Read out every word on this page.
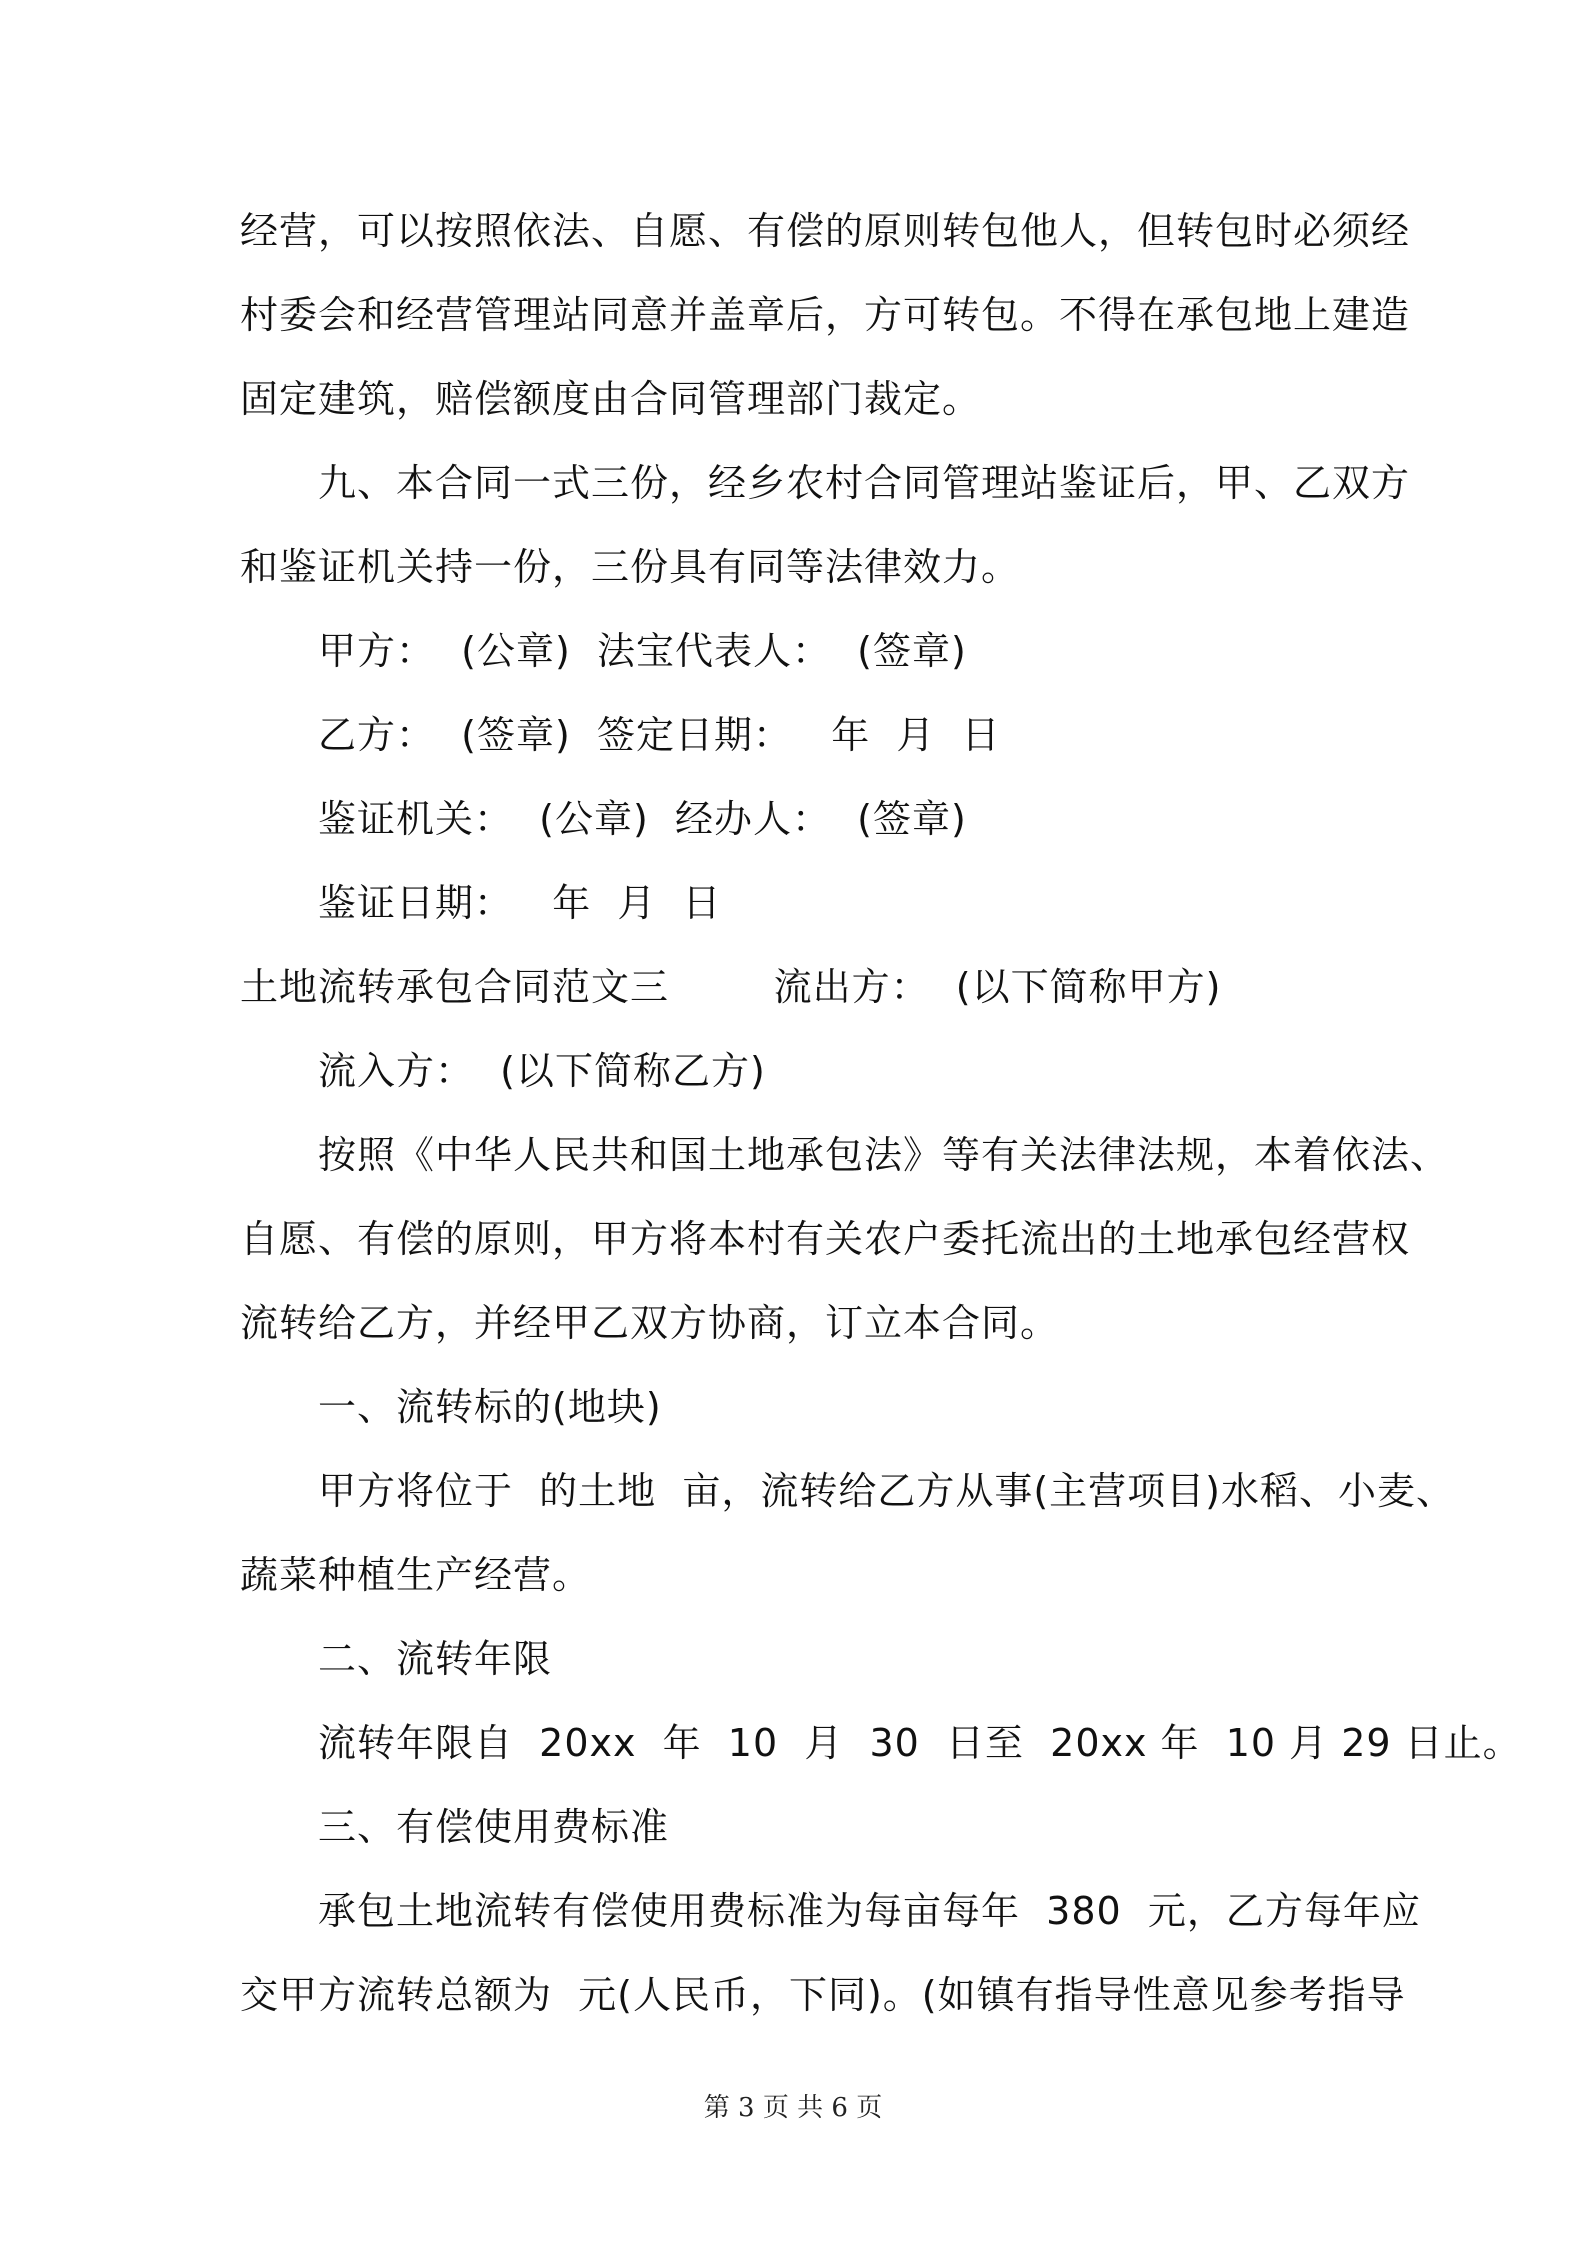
经营，可以按照依法、自愿、有偿的原则转包他人，但转包时必须经
村委会和经营管理站同意并盖章后，方可转包。不得在承包地上建造
固定建筑，赔偿额度由合同管理部门裁定。
九、本合同一式三份，经乡农村合同管理站鉴证后，甲、乙双方
和鉴证机关持一份，三份具有同等法律效力。
甲方：  (公章)  法宝代表人：  (签章)
乙方：  (签章)  签定日期：   年  月  日
鉴证机关：  (公章)  经办人：  (签章)
鉴证日期：   年  月  日
土地流转承包合同范文三        流出方：  (以下简称甲方)
流入方：  (以下简称乙方)
按照《中华人民共和国土地承包法》等有关法律法规，本着依法、
自愿、有偿的原则，甲方将本村有关农户委托流出的土地承包经营权
流转给乙方，并经甲乙双方协商，订立本合同。
一、流转标的(地块)
甲方将位于  的土地  亩，流转给乙方从事(主营项目)水稻、小麦、
蔬菜种植生产经营。
二、流转年限
流转年限自  20xx  年  10  月  30  日至  20xx 年  10 月 29 日止。
三、有偿使用费标准
承包土地流转有偿使用费标准为每亩每年  380  元，乙方每年应
交甲方流转总额为  元(人民币，下同)。(如镇有指导性意见参考指导
第 3 页 共 6 页
